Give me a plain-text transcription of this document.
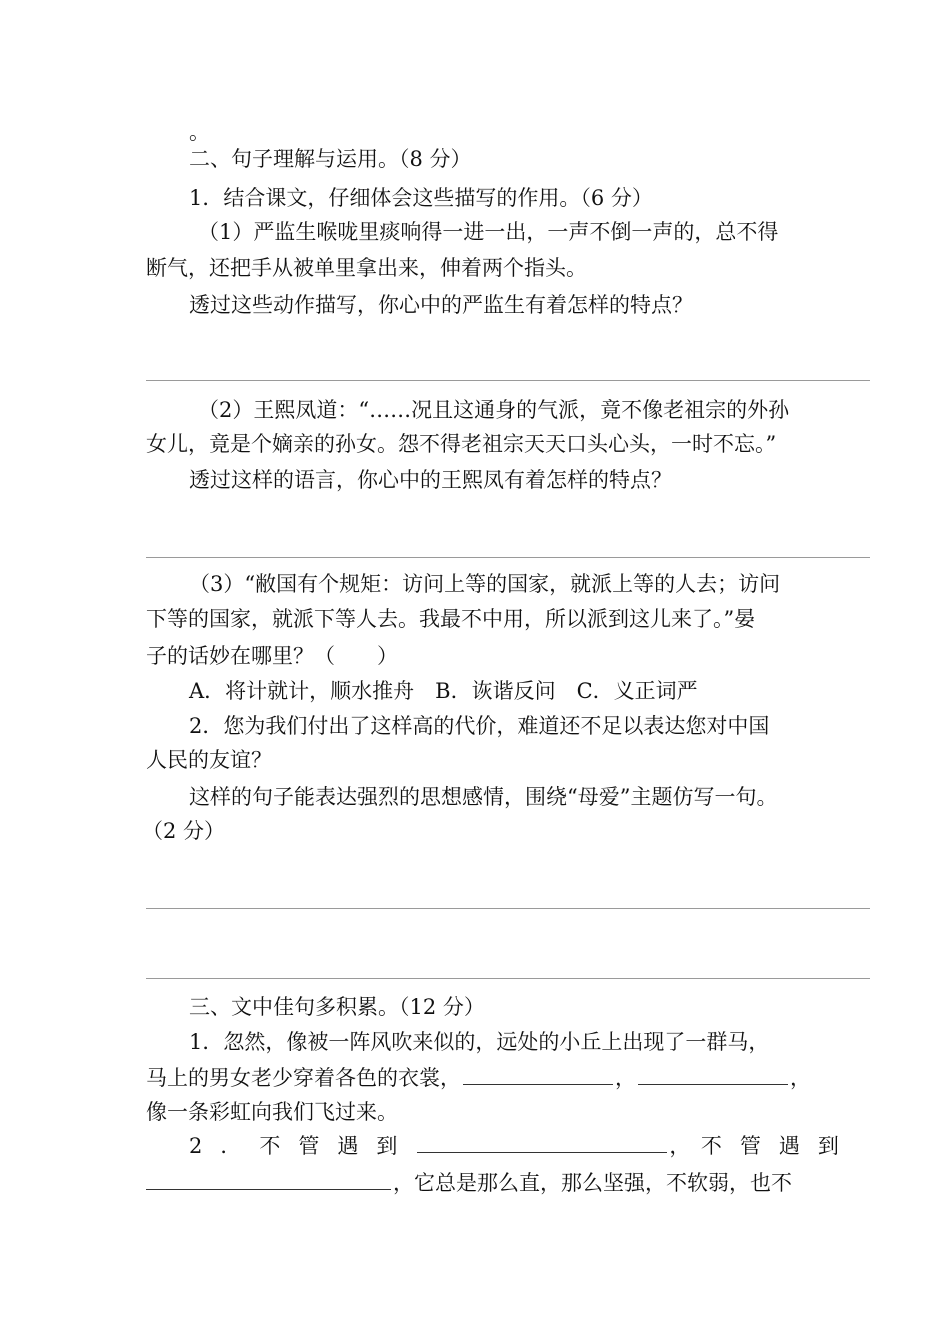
。
二、句子理解与运用。（8 分）
1．结合课文，仔细体会这些描写的作用。（6 分）
（1）严监生喉咙里痰响得一进一出，一声不倒一声的，总不得
断气，还把手从被单里拿出来，伸着两个指头。
透过这些动作描写，你心中的严监生有着怎样的特点？
（2）王熙凤道：“……况且这通身的气派，竟不像老祖宗的外孙
女儿，竟是个嫡亲的孙女。怨不得老祖宗天天口头心头，一时不忘。”
透过这样的语言，你心中的王熙凤有着怎样的特点？
（3）“敝国有个规矩：访问上等的国家，就派上等的人去；访问
下等的国家，就派下等人去。我最不中用，所以派到这儿来了。”晏
子的话妙在哪里？（　　）
A．将计就计，顺水推舟　B．诙谐反问　C．义正词严
2．您为我们付出了这样高的代价，难道还不足以表达您对中国
人民的友谊？
这样的句子能表达强烈的思想感情，围绕“母爱”主题仿写一句。
（2 分）
三、文中佳句多积累。（12 分）
1．忽然，像被一阵风吹来似的，远处的小丘上出现了一群马，
马上的男女老少穿着各色的衣裳，	，	，
像一条彩虹向我们飞过来。
2．不管遇到	，  不管遇到
，它总是那么直，那么坚强，不软弱，也不
